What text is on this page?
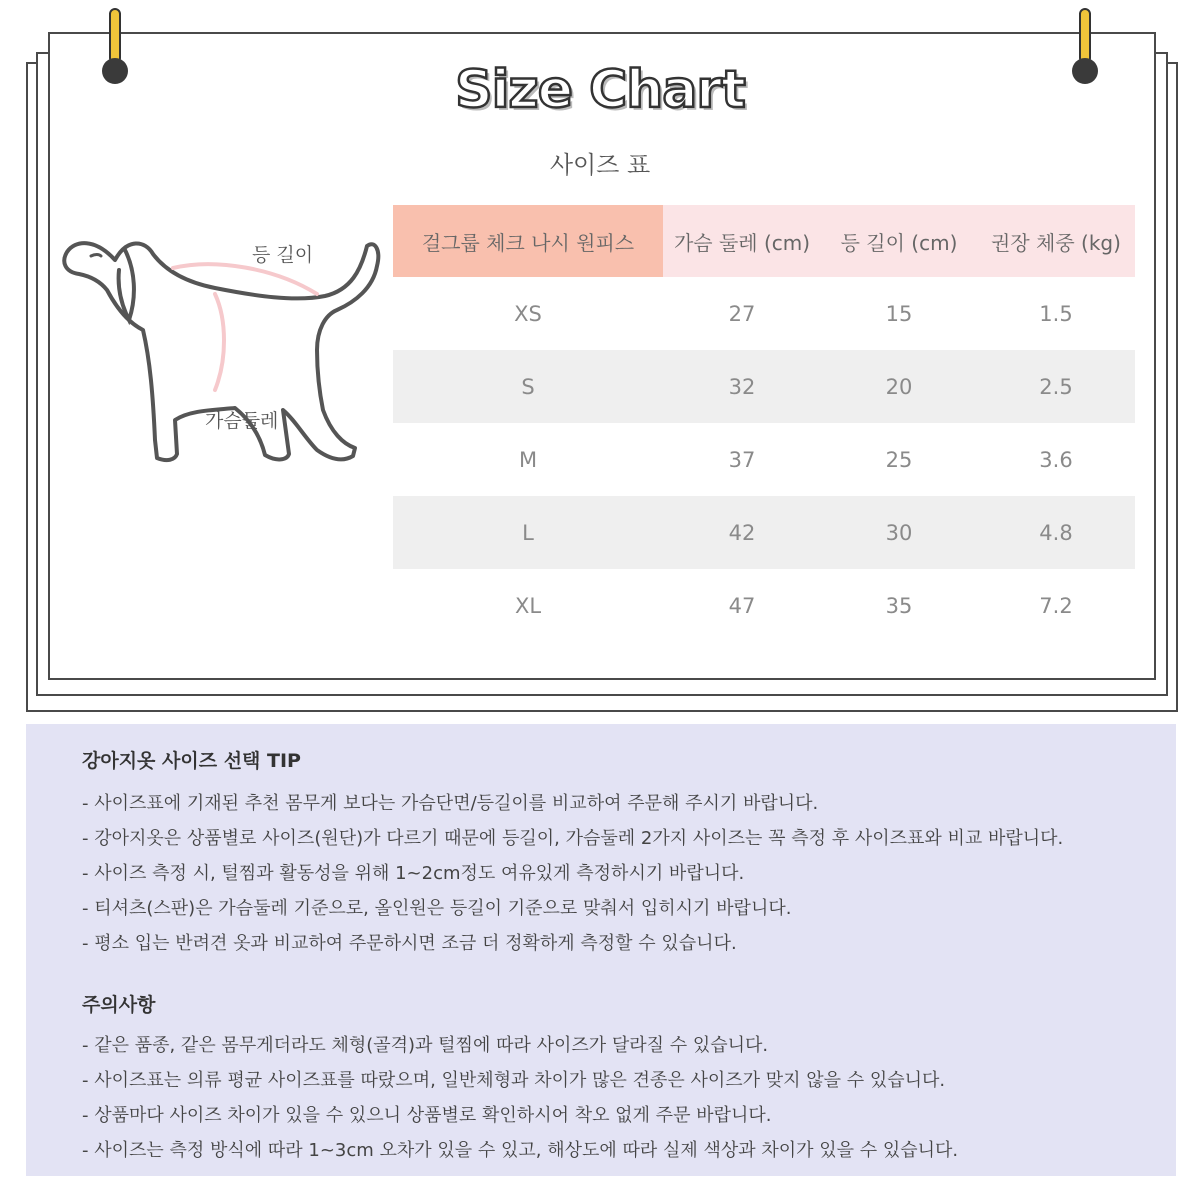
Size Chart
사이즈 표
등 길이
가슴둘레
걸그룹 체크 나시 원피스	가슴 둘레 (cm)	등 길이 (cm)	권장 체중 (kg)
XS	27	15	1.5
S	32	20	2.5
M	37	25	3.6
L	42	30	4.8
XL	47	35	7.2
강아지옷 사이즈 선택 TIP
- 사이즈표에 기재된 추천 몸무게 보다는 가슴단면/등길이를 비교하여 주문해 주시기 바랍니다.
- 강아지옷은 상품별로 사이즈(원단)가 다르기 때문에 등길이, 가슴둘레 2가지 사이즈는 꼭 측정 후 사이즈표와 비교 바랍니다.
- 사이즈 측정 시, 털찜과 활동성을 위해 1~2cm정도 여유있게 측정하시기 바랍니다.
- 티셔츠(스판)은 가슴둘레 기준으로, 올인원은 등길이 기준으로 맞춰서 입히시기 바랍니다.
- 평소 입는 반려견 옷과 비교하여 주문하시면 조금 더 정확하게 측정할 수 있습니다.
주의사항
- 같은 품종, 같은 몸무게더라도 체형(골격)과 털찜에 따라 사이즈가 달라질 수 있습니다.
- 사이즈표는 의류 평균 사이즈표를 따랐으며, 일반체형과 차이가 많은 견종은 사이즈가 맞지 않을 수 있습니다.
- 상품마다 사이즈 차이가 있을 수 있으니 상품별로 확인하시어 착오 없게 주문 바랍니다.
- 사이즈는 측정 방식에 따라 1~3cm 오차가 있을 수 있고, 해상도에 따라 실제 색상과 차이가 있을 수 있습니다.
